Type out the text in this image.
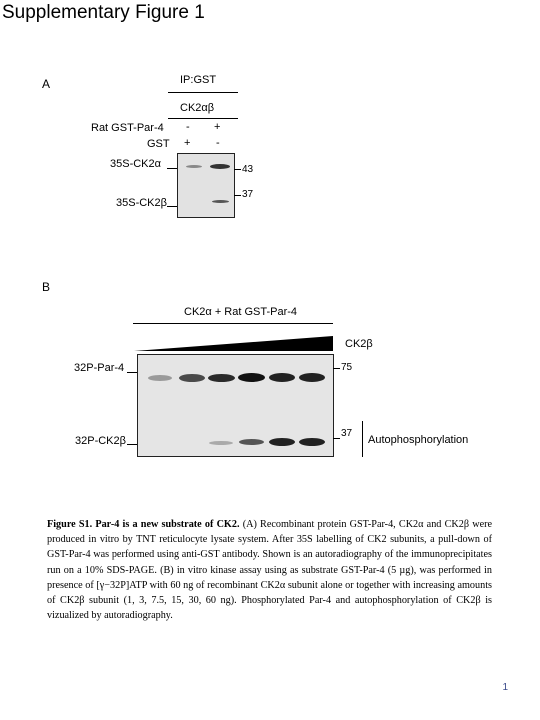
Supplementary Figure 1
A	IP:GST
CK2αβ
Rat GST-Par-4 - +
GST + -
35S-CK2α
35S-CK2β
43
37
B
CK2α + Rat GST-Par-4
CK2β
32P-Par-4
32P-CK2β
75
37
Autophosphorylation
Figure S1. Par-4 is a new substrate of CK2. (A) Recombinant protein GST-Par-4, CK2α and CK2β were produced in vitro by TNT reticulocyte lysate system. After 35S labelling of CK2 subunits, a pull-down of GST-Par-4 was performed using anti-GST antibody. Shown is an autoradiography of the immunoprecipitates run on a 10% SDS-PAGE. (B) in vitro kinase assay using as substrate GST-Par-4 (5 µg), was performed in presence of [γ−32P]ATP with 60 ng of recombinant CK2α subunit alone or together with increasing amounts of CK2β subunit (1, 3, 7.5, 15, 30, 60 ng). Phosphorylated Par-4 and autophosphorylation of CK2β is vizualized by autoradiography.
1
